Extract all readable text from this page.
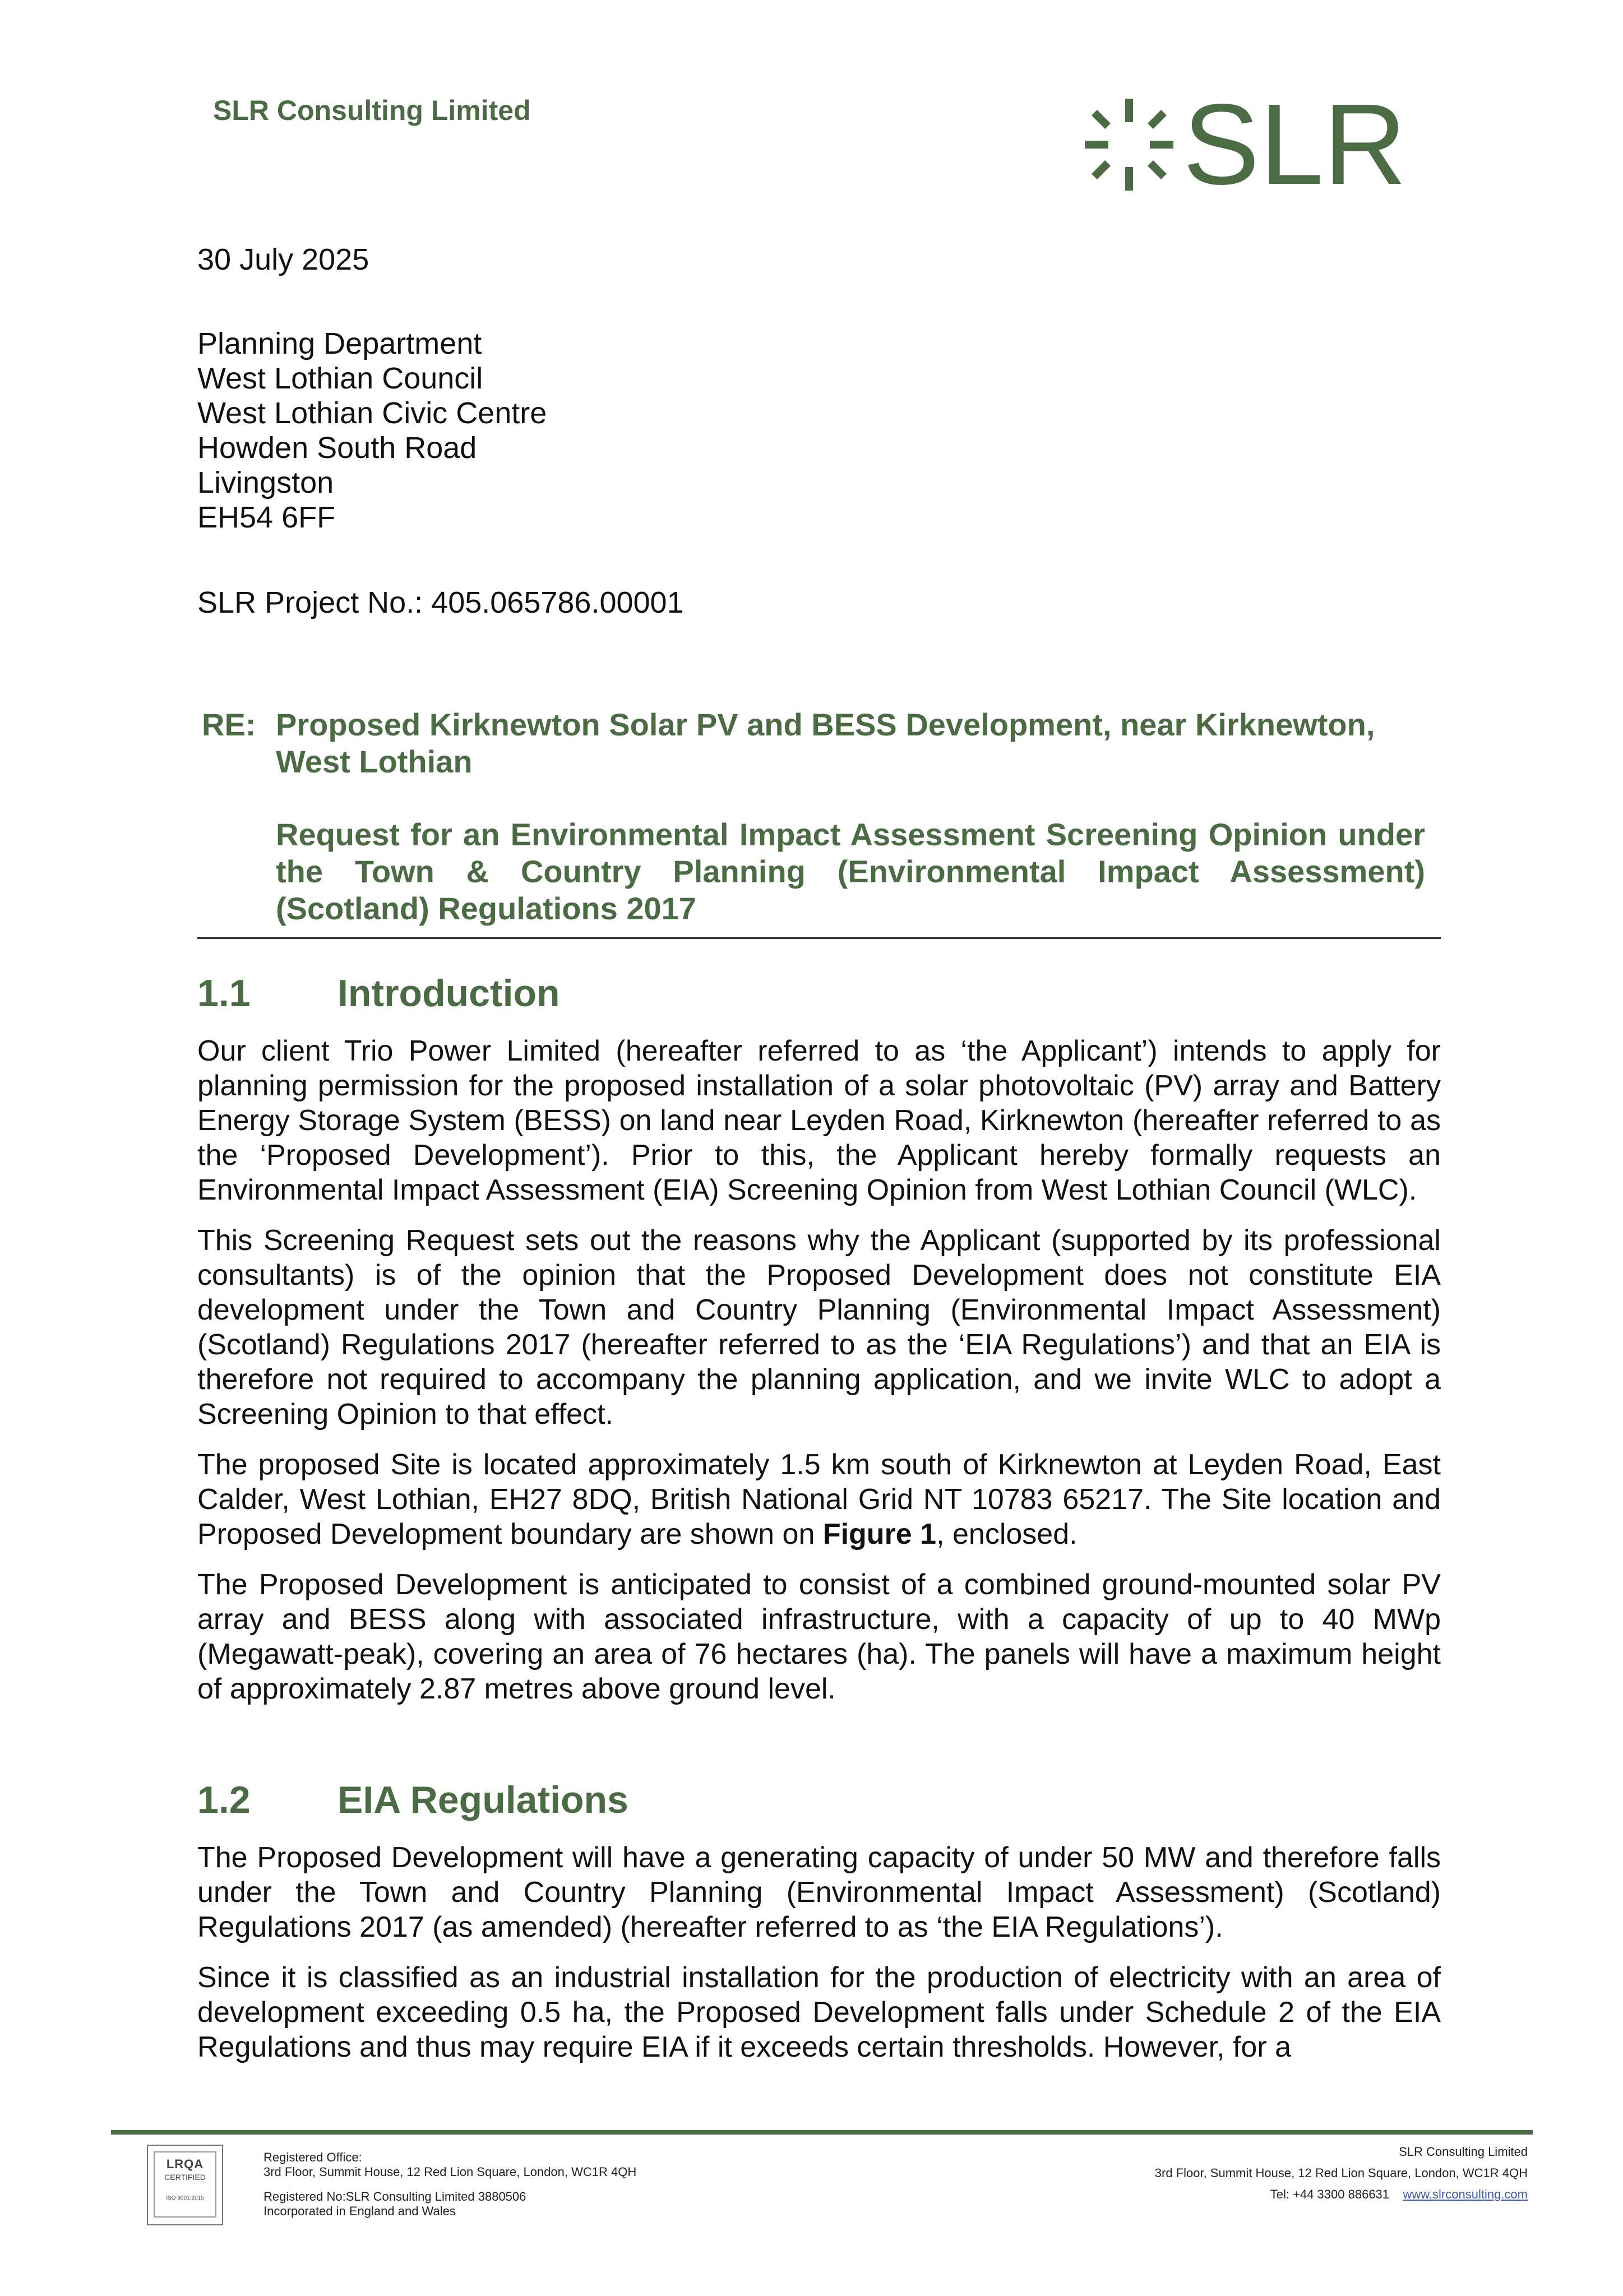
SLR Consulting Limited	SLR
30 July 2025
Planning Department
West Lothian Council
West Lothian Civic Centre
Howden South Road
Livingston
EH54 6FF
SLR Project No.: 405.065786.00001
RE: Proposed Kirknewton Solar PV and BESS Development, near Kirknewton, West Lothian
Request for an Environmental Impact Assessment Screening Opinion under the Town & Country Planning (Environmental Impact Assessment) (Scotland) Regulations 2017
1.1 Introduction

Our client Trio Power Limited (hereafter referred to as ‘the Applicant’) intends to apply for planning permission for the proposed installation of a solar photovoltaic (PV) array and Battery Energy Storage System (BESS) on land near Leyden Road, Kirknewton (hereafter referred to as the ‘Proposed Development’). Prior to this, the Applicant hereby formally requests an Environmental Impact Assessment (EIA) Screening Opinion from West Lothian Council (WLC).

This Screening Request sets out the reasons why the Applicant (supported by its professional consultants) is of the opinion that the Proposed Development does not constitute EIA development under the Town and Country Planning (Environmental Impact Assessment) (Scotland) Regulations 2017 (hereafter referred to as the ‘EIA Regulations’) and that an EIA is therefore not required to accompany the planning application, and we invite WLC to adopt a Screening Opinion to that effect.

The proposed Site is located approximately 1.5 km south of Kirknewton at Leyden Road, East Calder, West Lothian, EH27 8DQ, British National Grid NT 10783 65217. The Site location and Proposed Development boundary are shown on Figure 1, enclosed.

The Proposed Development is anticipated to consist of a combined ground-mounted solar PV array and BESS along with associated infrastructure, with a capacity of up to 40 MWp (Megawatt-peak), covering an area of 76 hectares (ha). The panels will have a maximum height of approximately 2.87 metres above ground level.

1.2 EIA Regulations

The Proposed Development will have a generating capacity of under 50 MW and therefore falls under the Town and Country Planning (Environmental Impact Assessment) (Scotland) Regulations 2017 (as amended) (hereafter referred to as ‘the EIA Regulations’).

Since it is classified as an industrial installation for the production of electricity with an area of development exceeding 0.5 ha, the Proposed Development falls under Schedule 2 of the EIA Regulations and thus may require EIA if it exceeds certain thresholds. However, for a

LRQA
CERTIFIED
ISO 9001:2015
Registered Office:
3rd Floor, Summit House, 12 Red Lion Square, London, WC1R 4QH
Registered No:SLR Consulting Limited 3880506
Incorporated in England and Wales
SLR Consulting Limited
3rd Floor, Summit House, 12 Red Lion Square, London, WC1R 4QH
Tel: +44 3300 886631 www.slrconsulting.com
